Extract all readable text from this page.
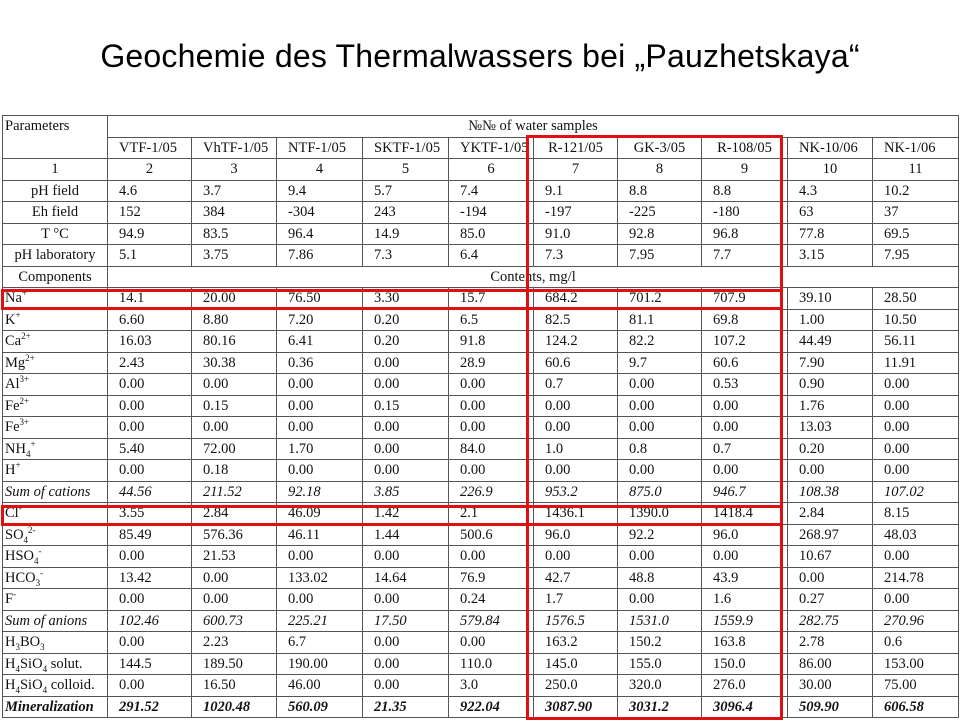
Geochemie des Thermalwassers bei „Pauzhetskaya“
Parameters	№№ of water samples									
	VTF-1/05	VhTF-1/05	NTF-1/05	SKTF-1/05	YKTF-1/05	R-121/05	GK-3/05	R-108/05	NK-10/06	NK-1/06
1	2	3	4	5	6	7	8	9	10	11
pH field	4.6	3.7	9.4	5.7	7.4	9.1	8.8	8.8	4.3	10.2
Eh field	152	384	-304	243	-194	-197	-225	-180	63	37
T °C	94.9	83.5	96.4	14.9	85.0	91.0	92.8	96.8	77.8	69.5
pH laboratory	5.1	3.75	7.86	7.3	6.4	7.3	7.95	7.7	3.15	7.95
Components	Contents, mg/l									
Na+	14.1	20.00	76.50	3.30	15.7	684.2	701.2	707.9	39.10	28.50
K+	6.60	8.80	7.20	0.20	6.5	82.5	81.1	69.8	1.00	10.50
$Ca^{2+}$	16.03	80.16	6.41	0.20	91.8	124.2	82.2	107.2	44.49	56.11
$Mg^{2+}$	2.43	30.38	0.36	0.00	28.9	60.6	9.7	60.6	7.90	11.91
$Al^{3+}$	0.00	0.00	0.00	0.00	0.00	0.7	0.00	0.53	0.90	0.00
$Fe^{2+}$	0.00	0.15	0.00	0.15	0.00	0.00	0.00	0.00	1.76	0.00
$Fe^{3+}$	0.00	0.00	0.00	0.00	0.00	0.00	0.00	0.00	13.03	0.00
$NH_4^+$	5.40	72.00	1.70	0.00	84.0	1.0	0.8	0.7	0.20	0.00
H+	0.00	0.18	0.00	0.00	0.00	0.00	0.00	0.00	0.00	0.00
Sum of cations	44.56	211.52	92.18	3.85	226.9	953.2	875.0	946.7	108.38	107.02
Cl-	3.55	2.84	46.09	1.42	2.1	1436.1	1390.0	1418.4	2.84	8.15
$SO_4^{2-}$	85.49	576.36	46.11	1.44	500.6	96.0	92.2	96.0	268.97	48.03
$HSO_4^-$	0.00	21.53	0.00	0.00	0.00	0.00	0.00	0.00	10.67	0.00
$HCO_3^-$	13.42	0.00	133.02	14.64	76.9	42.7	48.8	43.9	0.00	214.78
F-	0.00	0.00	0.00	0.00	0.24	1.7	0.00	1.6	0.27	0.00
Sum of anions	102.46	600.73	225.21	17.50	579.84	1576.5	1531.0	1559.9	282.75	270.96
$H_3BO_3$	0.00	2.23	6.7	0.00	0.00	163.2	150.2	163.8	2.78	0.6
$H_4SiO_4$ solut.	144.5	189.50	190.00	0.00	110.0	145.0	155.0	150.0	86.00	153.00
$H_4SiO_4$ colloid.	0.00	16.50	46.00	0.00	3.0	250.0	320.0	276.0	30.00	75.00
Mineralization	291.52	1020.48	560.09	21.35	922.04	3087.90	3031.2	3096.4	509.90	606.58
